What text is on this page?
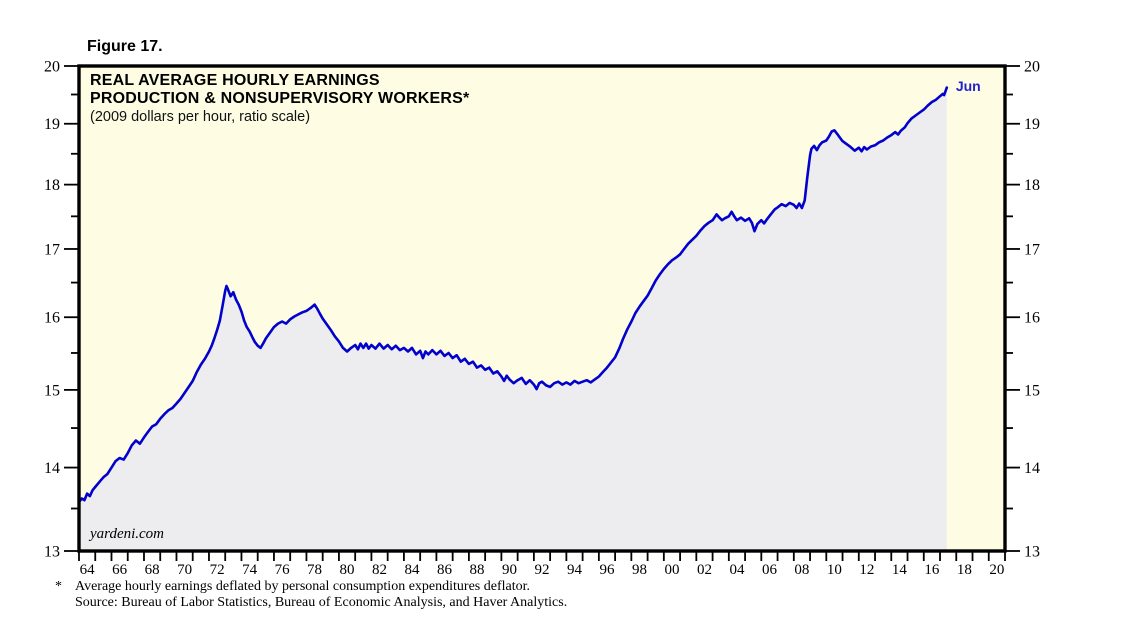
13	13
14	14
15	15
16	16
17	17
18	18
19	19
20	20
64 66 68 70 72 74 76 78 80 82 84 86 88 90 92 94 96 98 00 02 04 06 08 10 12 14 16 18 20
Figure 17.
REAL AVERAGE HOURLY EARNINGS
PRODUCTION & NONSUPERVISORY WORKERS*
(2009 dollars per hour, ratio scale)
yardeni.com
Jun
* Average hourly earnings deflated by personal consumption expenditures deflator.
Source: Bureau of Labor Statistics, Bureau of Economic Analysis, and Haver Analytics.
